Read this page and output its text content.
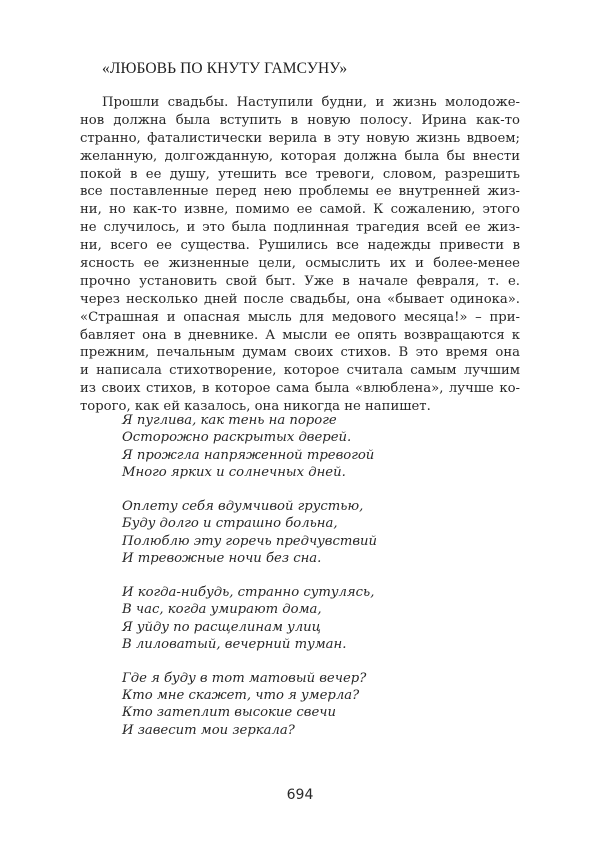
«ЛЮБОВЬ ПО КНУТУ ГАМСУНУ»
Прошли свадьбы. Наступили будни, и жизнь молодоже-
нов должна была вступить в новую полосу. Ирина как-то
странно, фаталистически верила в эту новую жизнь вдвоем;
желанную, долгожданную, которая должна была бы внести
покой в ее душу, утешить все тревоги, словом, разрешить
все поставленные перед нею проблемы ее внутренней жиз-
ни, но как-то извне, помимо ее самой. К сожалению, этого
не случилось, и это была подлинная трагедия всей ее жиз-
ни, всего ее существа. Рушились все надежды привести в
ясность ее жизненные цели, осмыслить их и более-менее
прочно установить свой быт. Уже в начале февраля, т. е.
через несколько дней после свадьбы, она «бывает одинока».
«Страшная и опасная мысль для медового месяца!» – при-
бавляет она в дневнике. А мысли ее опять возвращаются к
прежним, печальным думам своих стихов. В это время она
и написала стихотворение, которое считала самым лучшим
из своих стихов, в которое сама была «влюблена», лучше ко-
торого, как ей казалось, она никогда не напишет.
Я пуглива, как тень на пороге
Осторожно раскрытых дверей.
Я прожгла напряженной тревогой
Много ярких и солнечных дней.
Оплету себя вдумчивой грустью,
Буду долго и страшно больна,
Полюблю эту горечь предчувствий
И тревожные ночи без сна.
И когда-нибудь, странно сутулясь,
В час, когда умирают дома,
Я уйду по расщелинам улиц
В лиловатый, вечерний туман.
Где я буду в тот матовый вечер?
Кто мне скажет, что я умерла?
Кто затеплит высокие свечи
И завесит мои зеркала?
694
